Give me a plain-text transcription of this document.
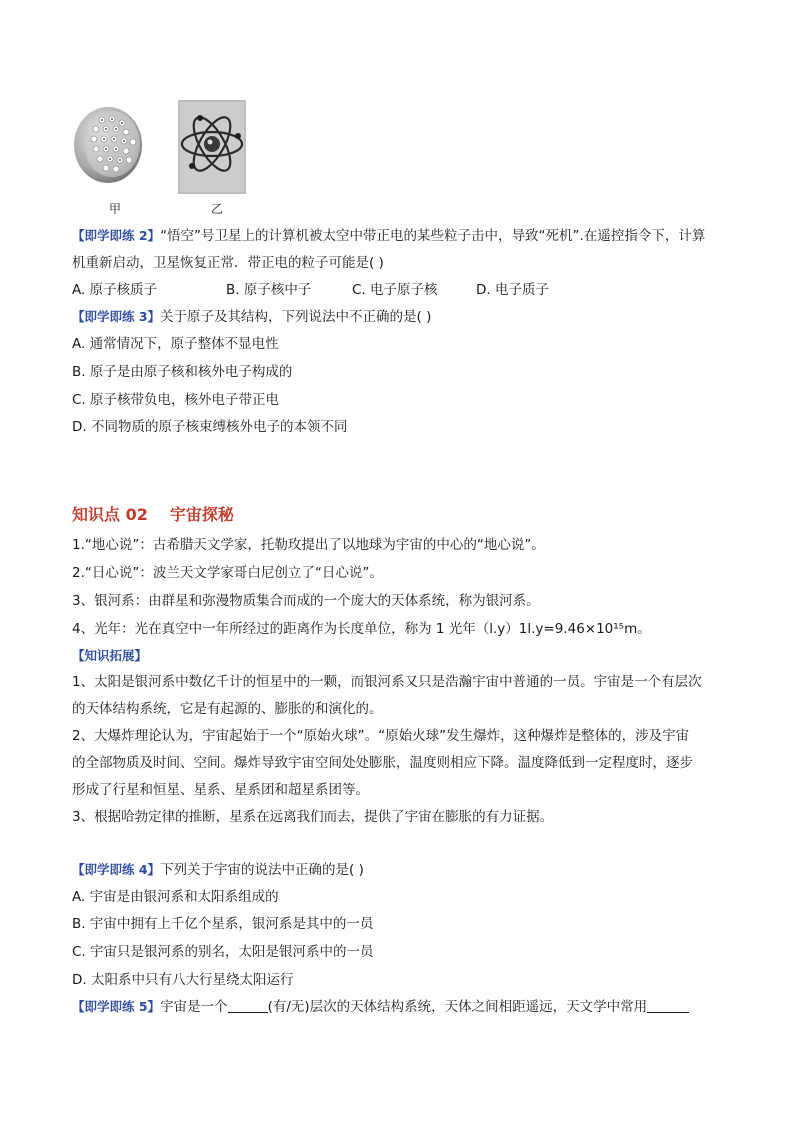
甲	乙
【即学即练 2】“悟空”号卫星上的计算机被太空中带正电的某些粒子击中，导致“死机”.在遥控指令下，计算
机重新启动，卫星恢复正常．带正电的粒子可能是( )
A. 原子核质子	B. 原子核中子	C. 电子原子核	D. 电子质子
【即学即练 3】关于原子及其结构，下列说法中不正确的是( )
A. 通常情况下，原子整体不显电性
B. 原子是由原子核和核外电子构成的
C. 原子核带负电，核外电子带正电
D. 不同物质的原子核束缚核外电子的本领不同
知识点 02 宇宙探秘
1.“地心说”：古希腊天文学家，托勒玫提出了以地球为宇宙的中心的“地心说”。
2.“日心说”：波兰天文学家哥白尼创立了“日心说”。
3、银河系：由群星和弥漫物质集合而成的一个庞大的天体系统，称为银河系。
4、光年：光在真空中一年所经过的距离作为长度单位，称为 1 光年（l.y）1l.y=9.46×10¹⁵m。
【知识拓展】
1、太阳是银河系中数亿千计的恒星中的一颗，而银河系又只是浩瀚宇宙中普通的一员。宇宙是一个有层次
的天体结构系统，它是有起源的、膨胀的和演化的。
2、大爆炸理论认为，宇宙起始于一个“原始火球”。“原始火球”发生爆炸，这种爆炸是整体的，涉及宇宙
的全部物质及时间、空间。爆炸导致宇宙空间处处膨胀，温度则相应下降。温度降低到一定程度时，逐步
形成了行星和恒星、星系、星系团和超星系团等。
3、根据哈勃定律的推断，星系在远离我们而去，提供了宇宙在膨胀的有力证据。
【即学即练 4】下列关于宇宙的说法中正确的是( )
A. 宇宙是由银河系和太阳系组成的
B. 宇宙中拥有上千亿个星系，银河系是其中的一员
C. 宇宙只是银河系的别名，太阳是银河系中的一员
D. 太阳系中只有八大行星绕太阳运行
【即学即练 5】宇宙是一个	(有/无)层次的天体结构系统，天体之间相距遥远，天文学中常用
